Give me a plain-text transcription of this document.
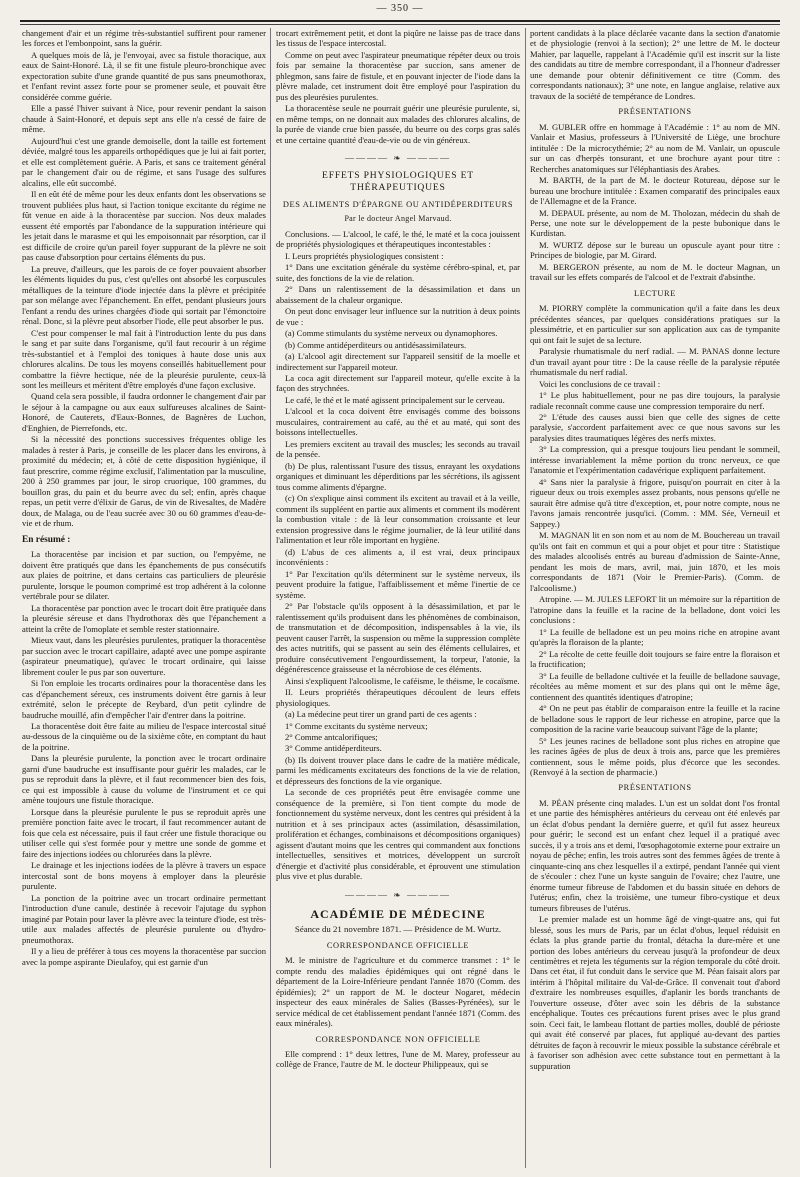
— 350 —

changement d'air et un régime très-substantiel suffirent pour ramener les forces et l'embonpoint, sans la guérir.

A quelques mois de là, je l'envoyai, avec sa fistule thoracique, aux eaux de Saint-Honoré. Là, il se fit une fistule pleuro-bronchique avec expectoration subite d'une grande quantité de pus sans pneumothorax, et l'enfant revint assez forte pour se promener seule, et pouvait être considérée comme guérie.

Elle a passé l'hiver suivant à Nice, pour revenir pendant la saison chaude à Saint-Honoré, et depuis sept ans elle n'a cessé de faire de même.

Aujourd'hui c'est une grande demoiselle, dont la taille est fortement déviée, malgré tous les appareils orthopédiques que je lui ai fait porter, et elle est complètement guérie. A Paris, et sans ce traitement général par le changement d'air ou de régime, et sans l'usage des sulfures alcalins, elle eût succombé.

Il en eût été de même pour les deux enfants dont les observations se trouvent publiées plus haut, si l'action tonique excitante du régime ne fût venue en aide à la thoracentèse par succion. Nos deux malades eussent été emportés par l'abondance de la suppuration intérieure qui les jetait dans le marasme et qui les empoisonnait par résorption, car il est difficile de croire qu'un pareil foyer suppurant de la plèvre ne soit pas cause d'absorption pour certains éléments du pus.

La preuve, d'ailleurs, que les parois de ce foyer pouvaient absorber les éléments liquides du pus, c'est qu'elles ont absorbé les corpuscules métalliques de la teinture d'iode injectée dans la plèvre et précipitée par son mélange avec l'épanchement. En effet, pendant plusieurs jours l'enfant a rendu des urines chargées d'iode qui sortait par l'émonctoire rénal. Donc, si la plèvre peut absorber l'iode, elle peut absorber le pus.

C'est pour compenser le mal fait à l'introduction lente du pus dans le sang et par suite dans l'organisme, qu'il faut recourir à un régime très-substantiel et à l'emploi des toniques à haute dose unis aux chlorures alcalins. De tous les moyens conseillés habituellement pour combattre la fièvre hectique, née de la pleurésie purulente, ceux-là sont les meilleurs et méritent d'être employés d'une façon exclusive.

Quand cela sera possible, il faudra ordonner le changement d'air par le séjour à la campagne ou aux eaux sulfureuses alcalines de Saint-Honoré, de Cauterets, d'Eaux-Bonnes, de Bagnères de Luchon, d'Enghien, de Pierrefonds, etc.

Si la nécessité des ponctions successives fréquentes oblige les malades à rester à Paris, je conseille de les placer dans les environs, à proximité du médecin; et, à côté de cette disposition hygiénique, il faut prescrire, comme régime exclusif, l'alimentation par la musculine, 200 à 250 grammes par jour, le sirop cruorique, 100 grammes, du bouillon gras, du pain et du beurre avec du sel; enfin, après chaque repas, un petit verre d'élixir de Garus, de vin de Rivesaltes, de Madère doux, de Malaga, ou de l'eau sucrée avec 30 ou 60 grammes d'eau-de-vie et de rhum.

En résumé :

La thoracentèse par incision et par suction, ou l'empyème, ne doivent être pratiqués que dans les épanchements de pus consécutifs aux plaies de poitrine, et dans certains cas particuliers de pleurésie purulente, lorsque le poumon comprimé est trop adhérent à la colonne vertébrale pour se dilater.

La thoracentèse par ponction avec le trocart doit être pratiquée dans la pleurésie séreuse et dans l'hydrothorax dès que l'épanchement a atteint la crête de l'omoplate et semble rester stationnaire.

Mieux vaut, dans les pleurésies purulentes, pratiquer la thoracentèse par succion avec le trocart capillaire, adapté avec une pompe aspirante (aspirateur pneumatique), qu'avec le trocart ordinaire, qui laisse librement couler le pus par son ouverture.

Si l'on emploie les trocarts ordinaires pour la thoracentèse dans les cas d'épanchement séreux, ces instruments doivent être garnis à leur extrémité, selon le précepte de Reybard, d'un petit cylindre de baudruche mouillé, afin d'empêcher l'air d'entrer dans la poitrine.

La thoracentèse doit être faite au milieu de l'espace intercostal situé au-dessous de la cinquième ou de la sixième côte, en comptant du haut de la poitrine.

Dans la pleurésie purulente, la ponction avec le trocart ordinaire garni d'une baudruche est insuffisante pour guérir les malades, car le pus se reproduit dans la plèvre, et il faut recommencer bien des fois, ce qui est impossible à cause du volume de l'instrument et ce qui amène toujours une fistule thoracique.

Lorsque dans la pleurésie purulente le pus se reproduit après une première ponction faite avec le trocart, il faut recommencer autant de fois que cela est nécessaire, puis il faut créer une fistule thoracique ou utiliser celle qui s'est formée pour y mettre une sonde de gomme et faire des injections iodées ou chlorurées dans la plèvre.

Le drainage et les injections iodées de la plèvre à travers un espace intercostal sont de bons moyens à employer dans la pleurésie purulente.

La ponction de la poitrine avec un trocart ordinaire permettant l'introduction d'une canule, destinée à recevoir l'ajutage du syphon imaginé par Potain pour laver la plèvre avec la teinture d'iode, est très-utile aux malades affectés de pleurésie purulente ou d'hydro-pneumothorax.

Il y a lieu de préférer à tous ces moyens la thoracentèse par succion avec la pompe aspirante Dieulafoy, qui est garnie d'un

trocart extrêmement petit, et dont la piqûre ne laisse pas de trace dans les tissus de l'espace intercostal.

Comme on peut avec l'aspirateur pneumatique répéter deux ou trois fois par semaine la thoracentèse par succion, sans amener de phlegmon, sans faire de fistule, et en pouvant injecter de l'iode dans la plèvre malade, cet instrument doit être employé pour l'aspiration du pus des pleurésies purulentes.

La thoracentèse seule ne pourrait guérir une pleurésie purulente, si, en même temps, on ne donnait aux malades des chlorures alcalins, de la purée de viande crue bien passée, du beurre ou des corps gras salés et une certaine quantité d'eau-de-vie ou de vin généreux.

———— ❧ ————
EFFETS PHYSIOLOGIQUES ET THÉRAPEUTIQUES
DES ALIMENTS D'ÉPARGNE OU ANTIDÉPERDITEURS
Par le docteur Angel Marvaud.

Conclusions. — L'alcool, le café, le thé, le maté et la coca jouissent de propriétés physiologiques et thérapeutiques incontestables :

I. Leurs propriétés physiologiques consistent :

1° Dans une excitation générale du système cérébro-spinal, et, par suite, des fonctions de la vie de relation.

2° Dans un ralentissement de la désassimilation et dans un abaissement de la chaleur organique.

On peut donc envisager leur influence sur la nutrition à deux points de vue :

(a) Comme stimulants du système nerveux ou dynamophores.

(b) Comme antidéperditeurs ou antidésassimilateurs.

(a) L'alcool agit directement sur l'appareil sensitif de la moelle et indirectement sur l'appareil moteur.

La coca agit directement sur l'appareil moteur, qu'elle excite à la façon des strychnées.

Le café, le thé et le maté agissent principalement sur le cerveau.

L'alcool et la coca doivent être envisagés comme des boissons musculaires, contrairement au café, au thé et au maté, qui sont des boissons intellectuelles.

Les premiers excitent au travail des muscles; les seconds au travail de la pensée.

(b) De plus, ralentissant l'usure des tissus, enrayant les oxydations organiques et diminuant les déperditions par les sécrétions, ils agissent tous comme aliments d'épargne.

(c) On s'explique ainsi comment ils excitent au travail et à la veille, comment ils suppléent en partie aux aliments et comment ils modèrent la combustion vitale : de là leur consommation croissante et leur extension progressive dans le régime journalier, de là leur utilité dans l'alimentation et leur rôle important en hygiène.

(d) L'abus de ces aliments a, il est vrai, deux principaux inconvénients :

1° Par l'excitation qu'ils déterminent sur le système nerveux, ils peuvent produire la fatigue, l'affaiblissement et même l'inertie de ce système.

2° Par l'obstacle qu'ils opposent à la désassimilation, et par le ralentissement qu'ils produisent dans les phénomènes de combinaison, de transmutation et de décomposition, indispensables à la vie, ils peuvent causer l'arrêt, la suspension ou même la suppression complète des actes nutritifs, qui se passent au sein des éléments cellulaires, et produire consécutivement l'engourdissement, la torpeur, l'atonie, la dégénérescence graisseuse et la nécrobiose de ces éléments.

Ainsi s'expliquent l'alcoolisme, le caféisme, le théisme, le cocaïsme.

II. Leurs propriétés thérapeutiques découlent de leurs effets physiologiques.

(a) La médecine peut tirer un grand parti de ces agents :

1° Comme excitants du système nerveux;

2° Comme antcalorifiques;

3° Comme antidéperditeurs.

(b) Ils doivent trouver place dans le cadre de la matière médicale, parmi les médicaments excitateurs des fonctions de la vie de relation, et dépresseurs des fonctions de la vie organique.

La seconde de ces propriétés peut être envisagée comme une conséquence de la première, si l'on tient compte du mode de fonctionnement du système nerveux, dont les centres qui président à la nutrition et à ses principaux actes (assimilation, désassimilation, prolifération et échanges, combinaisons et décompositions organiques) agissent d'autant moins que les centres qui commandent aux fonctions intellectuelles, sensitives et motrices, développent un surcroît d'énergie et d'activité plus considérable, et éprouvent une stimulation plus vive et plus durable.

———— ❧ ————
ACADÉMIE DE MÉDECINE
Séance du 21 novembre 1871. — Présidence de M. Wurtz.
CORRESPONDANCE OFFICIELLE

M. le ministre de l'agriculture et du commerce transmet : 1° le compte rendu des maladies épidémiques qui ont régné dans le département de la Loire-Inférieure pendant l'année 1870 (Comm. des épidémies); 2° un rapport de M. le docteur Nogaret, médecin inspecteur des eaux minérales de Salies (Basses-Pyrénées), sur le service médical de cet établissement pendant l'année 1871 (Comm. des eaux minérales).

CORRESPONDANCE NON OFFICIELLE

Elle comprend : 1° deux lettres, l'une de M. Marey, professeur au collège de France, l'autre de M. le docteur Philippeaux, qui se

portent candidats à la place déclarée vacante dans la section d'anatomie et de physiologie (renvoi à la section); 2° une lettre de M. le docteur Mahier, par laquelle, rappelant à l'Académie qu'il est inscrit sur la liste des candidats au titre de membre correspondant, il a l'honneur d'adresser une demande pour obtenir définitivement ce titre (Comm. des correspondants nationaux); 3° une note, en langue anglaise, relative aux travaux de la société de tempérance de Londres.

PRÉSENTATIONS

M. GUBLER offre en hommage à l'Académie : 1° au nom de MN. Vanlair et Masius, professeurs à l'Université de Liège, une brochure intitulée : De la microcythémie; 2° au nom de M. Vanlair, un opuscule sur un cas d'herpès tonsurant, et une brochure ayant pour titre : Recherches anatomiques sur l'éléphantiasis des Arabes.

M. BARTH, de la part de M. le docteur Rotureau, dépose sur le bureau une brochure intitulée : Examen comparatif des principales eaux de l'Allemagne et de la France.

M. DEPAUL présente, au nom de M. Tholozan, médecin du shah de Perse, une note sur le développement de la peste bubonique dans le Kurdistan.

M. WURTZ dépose sur le bureau un opuscule ayant pour titre : Principes de biologie, par M. Girard.

M. BERGERON présente, au nom de M. le docteur Magnan, un travail sur les effets comparés de l'alcool et de l'extrait d'absinthe.

LECTURE

M. PIORRY complète la communication qu'il a faite dans les deux précédentes séances, par quelques considérations pratiques sur la plessimétrie, et en particulier sur son application aux cas de tympanite qui ont fait le sujet de sa lecture.

Paralysie rhumatismale du nerf radial. — M. PANAS donne lecture d'un travail ayant pour titre : De la cause réelle de la paralysie réputée rhumatismale du nerf radial.

Voici les conclusions de ce travail :

1° Le plus habituellement, pour ne pas dire toujours, la paralysie radiale reconnaît comme cause une compression temporaire du nerf.

2° L'étude des causes aussi bien que celle des signes de cette paralysie, s'accordent parfaitement avec ce que nous savons sur les paralysies dites traumatiques légères des nerfs mixtes.

3° La compression, qui a presque toujours lieu pendant le sommeil, intéresse invariablement la même portion du tronc nerveux, ce que l'anatomie et l'expérimentation cadavérique expliquent parfaitement.

4° Sans nier la paralysie à frigore, puisqu'on pourrait en citer à la rigueur deux ou trois exemples assez probants, nous pensons qu'elle ne saurait être admise qu'à titre d'exception, et, pour notre compte, nous ne l'avons jamais rencontrée jusqu'ici. (Comm. : MM. Sée, Verneuil et Sappey.)

M. MAGNAN lit en son nom et au nom de M. Bouchereau un travail qu'ils ont fait en commun et qui a pour objet et pour titre : Statistique des malades alcoolisés entrés au bureau d'admission de Sainte-Anne, pendant les mois de mars, avril, mai, juin 1870, et les mois correspondants de 1871 (Voir le Premier-Paris). (Comm. de l'alcoolisme.)

Atropine. — M. JULES LEFORT lit un mémoire sur la répartition de l'atropine dans la feuille et la racine de la belladone, dont voici les conclusions :

1° La feuille de belladone est un peu moins riche en atropine avant qu'après la floraison de la plante;

2° La récolte de cette feuille doit toujours se faire entre la floraison et la fructification;

3° La feuille de belladone cultivée et la feuille de belladone sauvage, récoltées au même moment et sur des plans qui ont le même âge, contiennent des quantités identiques d'atropine;

4° On ne peut pas établir de comparaison entre la feuille et la racine de belladone sous le rapport de leur richesse en atropine, parce que la composition de la racine varie beaucoup suivant l'âge de la plante;

5° Les jeunes racines de belladone sont plus riches en atropine que les racines âgées de plus de deux à trois ans, parce que les premières contiennent, sous le même poids, plus d'écorce que les secondes. (Renvoyé à la section de pharmacie.)

PRÉSENTATIONS

M. PÉAN présente cinq malades. L'un est un soldat dont l'os frontal et une partie des hémisphères antérieurs du cerveau ont été enlevés par un éclat d'obus pendant la dernière guerre, et qu'il fut assez heureux pour guérir; le second est un enfant chez lequel il a pratiqué avec succès, il y a trois ans et demi, l'œsophagotomie externe pour extraire un noyau de pêche; enfin, les trois autres sont des femmes âgées de trente à cinquante-cinq ans chez lesquelles il a extirpé, pendant l'année qui vient de s'écouler : chez l'une un kyste sanguin de l'ovaire; chez l'autre, une énorme tumeur fibreuse de l'abdomen et du bassin située en dehors de l'utérus; enfin, chez la troisième, une tumeur fibro-cystique et deux tumeurs fibreuses de l'utérus.

Le premier malade est un homme âgé de vingt-quatre ans, qui fut blessé, sous les murs de Paris, par un éclat d'obus, lequel réduisit en éclats la plus grande partie du frontal, détacha la dure-mère et une portion des lobes antérieurs du cerveau jusqu'à la profondeur de deux centimètres et rejeta les téguments sur la région temporale du côté droit. Dans cet état, il fut conduit dans le service que M. Péan faisait alors par intérim à l'hôpital militaire du Val-de-Grâce. Il convenait tout d'abord d'extraire les nombreuses esquilles, d'aplanir les bords tranchants de l'ouverture osseuse, d'ôter avec soin les débris de la substance encéphalique. Toutes ces précautions furent prises avec le plus grand soin. Ceci fait, le lambeau flottant de parties molles, doublé de périoste qui avait été conservé par places, fut appliqué au-devant des parties détruites de façon à recouvrir le mieux possible la substance cérébrale et à favoriser son adhésion avec cette substance tout en permettant à la suppuration
